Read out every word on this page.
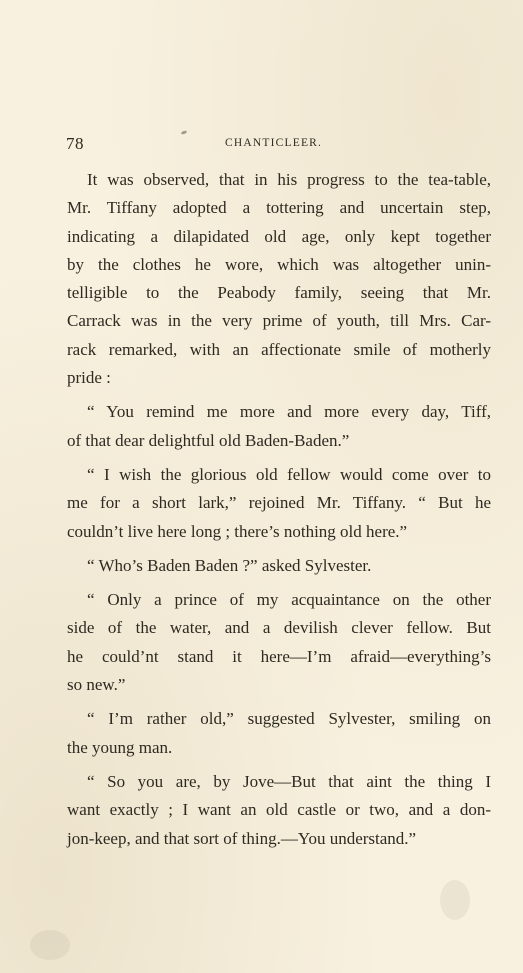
78	CHANTICLEER.
It was observed, that in his progress to the tea-table,
Mr. Tiffany adopted a tottering and uncertain step,
indicating a dilapidated old age, only kept together
by the clothes he wore, which was altogether unin-
telligible to the Peabody family, seeing that Mr.
Carrack was in the very prime of youth, till Mrs. Car-
rack remarked, with an affectionate smile of motherly
pride :
“ You remind me more and more every day, Tiff,
of that dear delightful old Baden-Baden.”
“ I wish the glorious old fellow would come over to
me for a short lark,” rejoined Mr. Tiffany. “ But he
couldn’t live here long ; there’s nothing old here.”
“ Who’s Baden Baden ?” asked Sylvester.
“ Only a prince of my acquaintance on the other
side of the water, and a devilish clever fellow. But
he could’nt stand it here—I’m afraid—everything’s
so new.”
“ I’m rather old,” suggested Sylvester, smiling on
the young man.
“ So you are, by Jove—But that aint the thing I
want exactly ; I want an old castle or two, and a don-
jon-keep, and that sort of thing.—You understand.”
